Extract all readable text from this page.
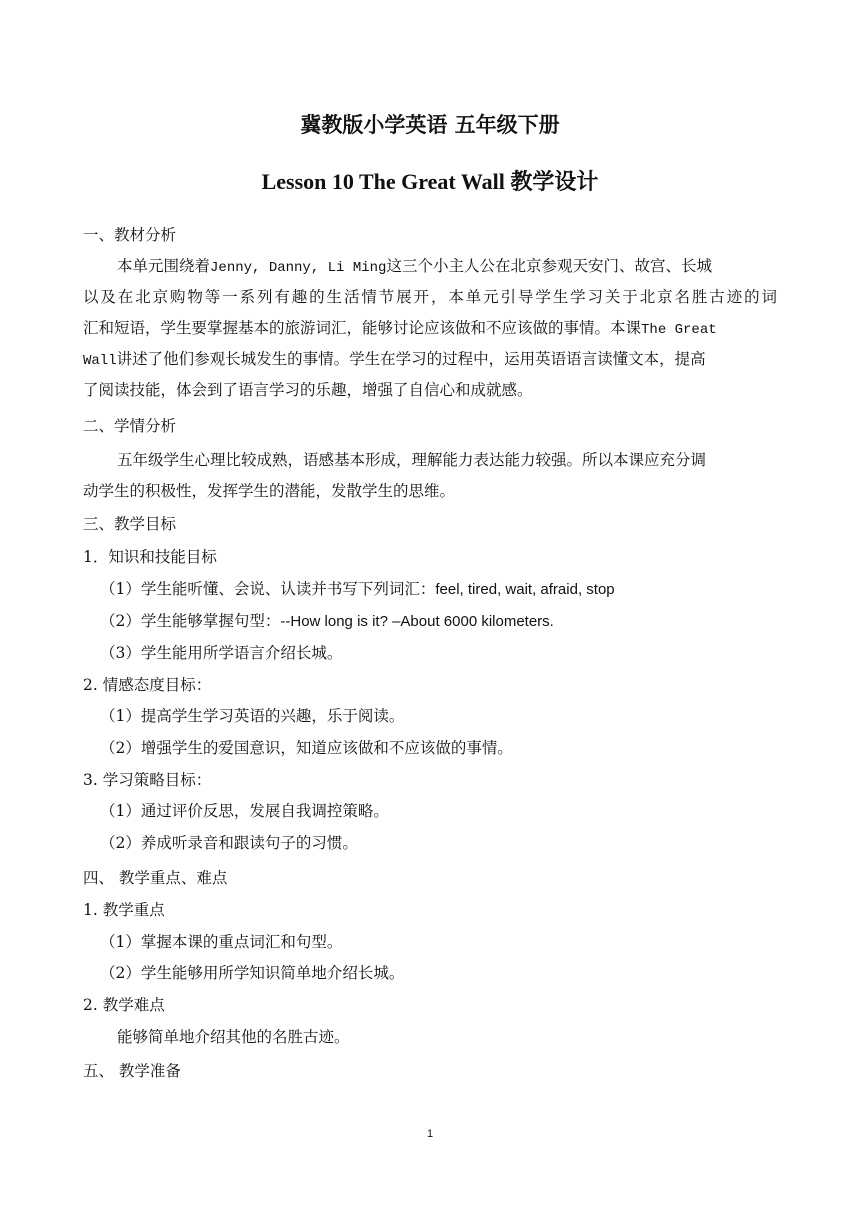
冀教版小学英语 五年级下册
Lesson 10 The Great Wall 教学设计
一、教材分析
本单元围绕着Jenny, Danny, Li Ming这三个小主人公在北京参观天安门、故宫、长城
以及在北京购物等一系列有趣的生活情节展开，本单元引导学生学习关于北京名胜古迹的词
汇和短语，学生要掌握基本的旅游词汇，能够讨论应该做和不应该做的事情。本课The Great
Wall讲述了他们参观长城发生的事情。学生在学习的过程中，运用英语语言读懂文本，提高
了阅读技能，体会到了语言学习的乐趣，增强了自信心和成就感。
二、学情分析
五年级学生心理比较成熟，语感基本形成，理解能力表达能力较强。所以本课应充分调
动学生的积极性，发挥学生的潜能，发散学生的思维。
三、教学目标
1．知识和技能目标
（1）学生能听懂、会说、认读并书写下列词汇：feel, tired, wait, afraid, stop
（2）学生能够掌握句型：--How long is it? –About 6000 kilometers.
（3）学生能用所学语言介绍长城。
2. 情感态度目标：
（1）提高学生学习英语的兴趣，乐于阅读。
（2）增强学生的爱国意识，知道应该做和不应该做的事情。
3. 学习策略目标：
（1）通过评价反思，发展自我调控策略。
（2）养成听录音和跟读句子的习惯。
四、 教学重点、难点
1. 教学重点
（1）掌握本课的重点词汇和句型。
（2）学生能够用所学知识简单地介绍长城。
2. 教学难点
能够简单地介绍其他的名胜古迹。
五、 教学准备
1
